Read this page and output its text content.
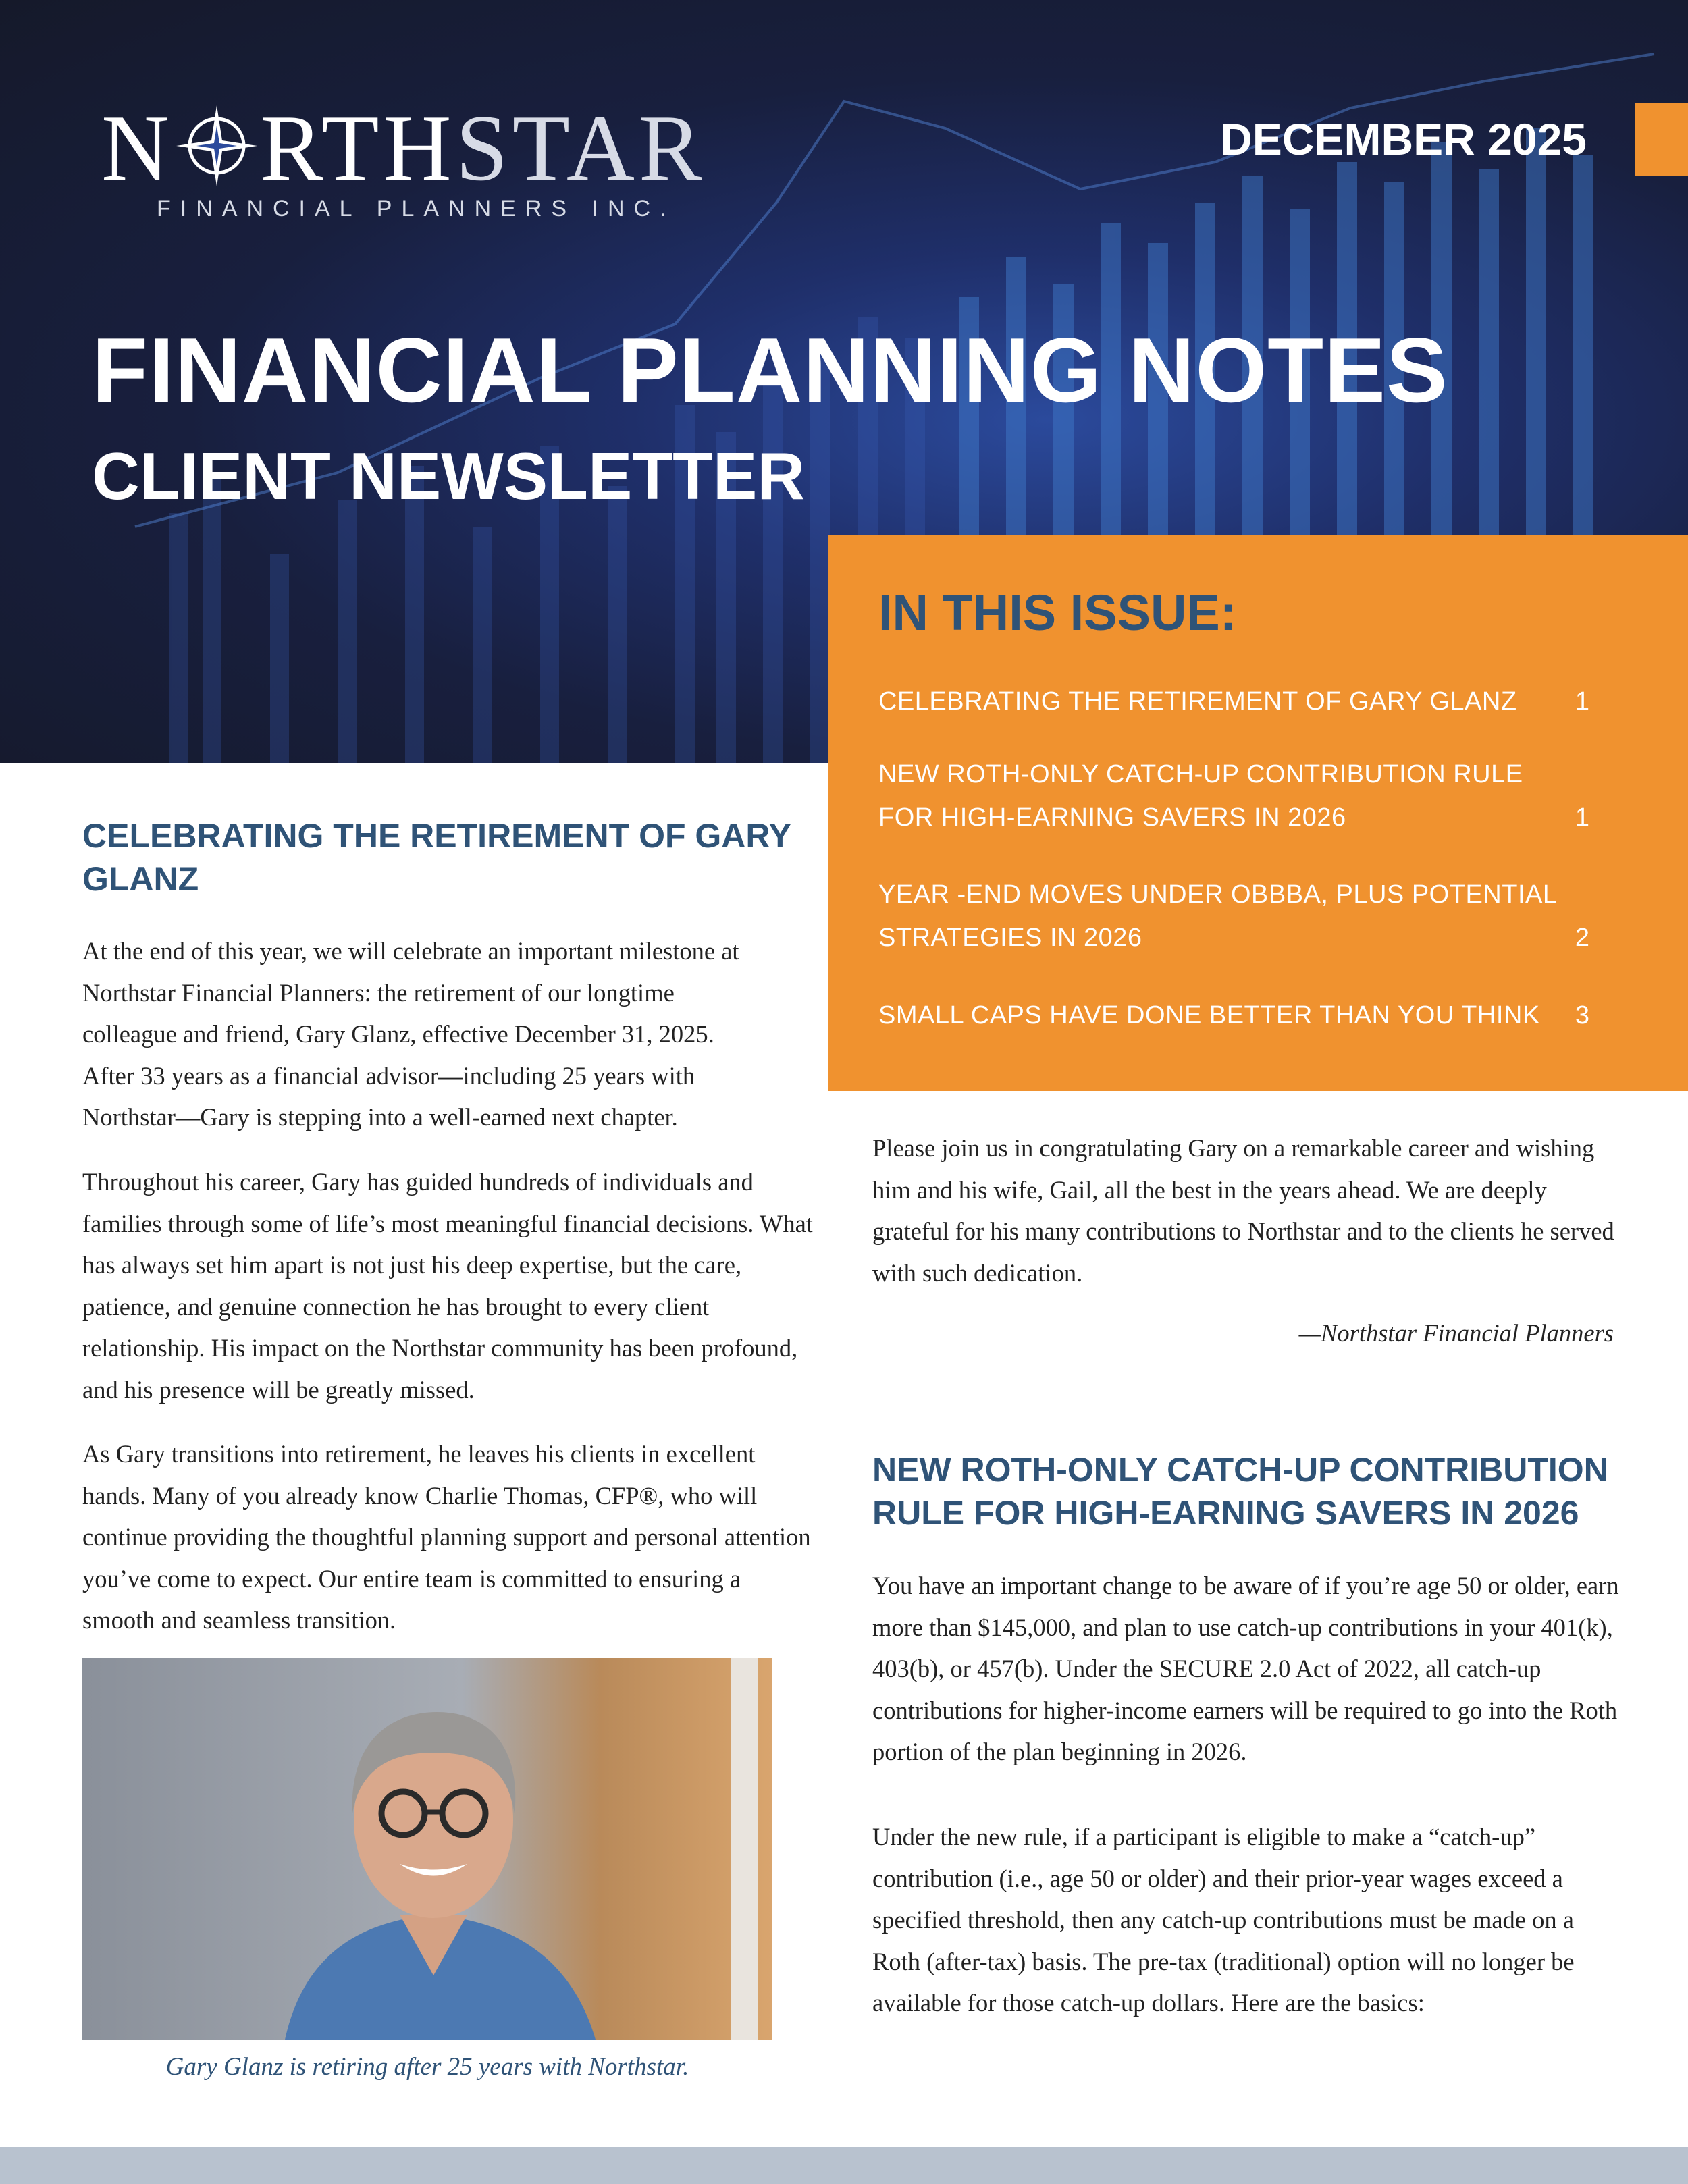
N RTHSTAR
FINANCIAL PLANNERS INC.
DECEMBER 2025
FINANCIAL PLANNING NOTES
CLIENT NEWSLETTER
IN THIS ISSUE:
CELEBRATING THE RETIREMENT OF GARY GLANZ	1
NEW ROTH-ONLY CATCH-UP CONTRIBUTION RULE
FOR HIGH-EARNING SAVERS IN 2026	1
YEAR -END MOVES UNDER OBBBA, PLUS POTENTIAL
STRATEGIES IN 2026	2
SMALL CAPS HAVE DONE BETTER THAN YOU THINK	3
CELEBRATING THE RETIREMENT OF GARY GLANZ
At the end of this year, we will celebrate an important milestone at Northstar Financial Planners: the retirement of our longtime colleague and friend, Gary Glanz, effective December 31, 2025. After 33 years as a financial advisor—including 25 years with Northstar—Gary is stepping into a well-earned next chapter.
Throughout his career, Gary has guided hundreds of individuals and families through some of life’s most meaningful financial decisions. What has always set him apart is not just his deep expertise, but the care, patience, and genuine connection he has brought to every client relationship. His impact on the Northstar community has been profound, and his presence will be greatly missed.
As Gary transitions into retirement, he leaves his clients in excellent hands. Many of you already know Charlie Thomas, CFP®, who will continue providing the thoughtful planning support and personal attention you’ve come to expect. Our entire team is committed to ensuring a smooth and seamless transition.
Gary Glanz is retiring after 25 years with Northstar.
Please join us in congratulating Gary on a remarkable career and wishing him and his wife, Gail, all the best in the years ahead. We are deeply grateful for his many contributions to Northstar and to the clients he served with such dedication.
—Northstar Financial Planners
NEW ROTH-ONLY CATCH-UP CONTRIBUTION RULE FOR HIGH-EARNING SAVERS IN 2026
You have an important change to be aware of if you’re age 50 or older, earn more than $145,000, and plan to use catch-up contributions in your 401(k), 403(b), or 457(b). Under the SECURE 2.0 Act of 2022, all catch-up contributions for higher-income earners will be required to go into the Roth portion of the plan beginning in 2026.
Under the new rule, if a participant is eligible to make a “catch-up” contribution (i.e., age 50 or older) and their prior-year wages exceed a specified threshold, then any catch-up contributions must be made on a Roth (after-tax) basis. The pre-tax (traditional) option will no longer be available for those catch-up dollars. Here are the basics:
